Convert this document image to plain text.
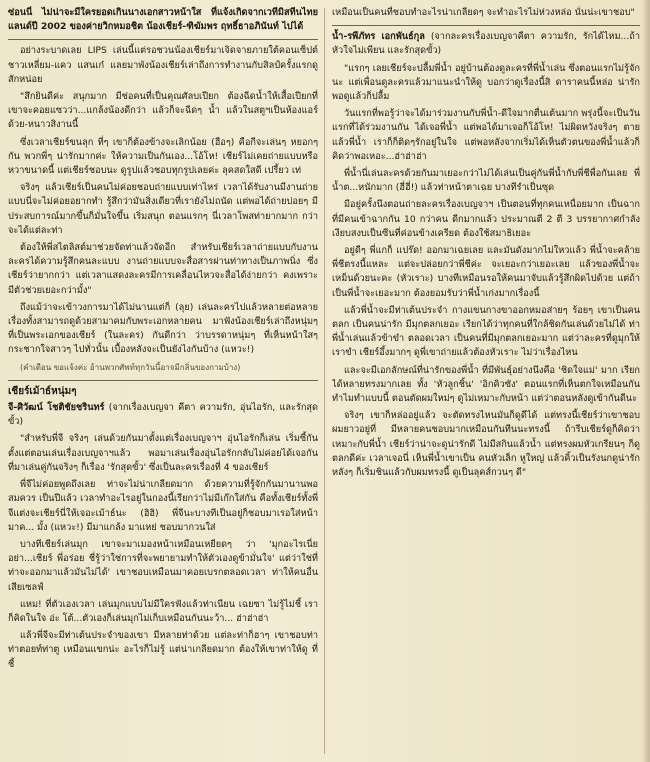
ซ่อนนี่ ไม่น่าจะมีใครยอดเกินนางเอกสาวหน้าใส ที่แจ้งเกิดจากเวทีมิสทีนไทยแลนด์ปี 2002 ของค่ายวิกหมอชิต น้องเชียร์-ฑิฆัมพร ฤทธิ์ธาอภินันท์ ไปได้

อย่างระบาดเลย LIPS เล่นนี้แต่รอชวนน้องเชียร์มาเจิดจายภายใต้คอนเซ็ปต์ชาวเหลี่ยม-แคว แสนเก๋ แลยมาพังน้องเชียร์เล่าถึงการทำงานกับสิลป์ครั้งแรกดูสักหน่อย

"สึกยินดีค่ะ สนุกมาก มีช่อคนที่เป็นคุณศัลบเปียก ต้องฉีดน้ำให้เสื้อเปียกที่ เขาจะคอยแซวว่า...แกล้งน้องดีกว่า แล้วก็จะฉีดๆ น้ำ แล้วในสตูฯเป็นห้องแอร์ด้วย-หนาวสิงานนี้

ซึ่งเวลาเชียร์ขนลุก ที่ๆ เขาก็ต้องข้างจะเลิกน้อย (ฮือๆ) คือกีจะเล่นๆ หยอกๆ กัน พวกพี่ๆ น่ารักมากค่ะ ให้ความเป็นกันเอง...โอ้โห! เชียร์ไม่เคยถ่ายแบบหรือหวาขนาดนี้ แต่เชียร์ชอบนะ ดูรูปแล้วชอบทุกรูปเลยค่ะ ลุคสดใสดี เปรี้ยว เท่

จริงๆ แล้วเชียร์เป็นคนไม่ค่อยชอบถ่ายแบบเท่าไหร่ เวลาได้รับงานมีงานถ่ายแบบนี่จะไม่ค่อยอยากทำ รู้สึกว่ามันสิ่งเดียวที่เรายังไม่ถนัด แต่พอได้ถ่ายบ่อยๆ มีประสบการณ์มากขึ้นก็มั่นใจขึ้น เริ่มสนุก ตอนแรกๆ นี่เวลาโพสท่ายากมาก กว่าจะได้แต่ละท่า

ต้องให้พี่สไตลิสต์มาช่วยจัดท่าแล้วจัดอีก สำหรับเชียร์เวลาถ่ายแบบกับงานละครได้ความรู้สึกคนละแบบ งานถ่ายแบบจะสื่อสารผ่านท่าทางเป็นภาพนิ่ง ซึ่งเชียร์ว่ายากกว่า แต่เวลาแสดงละครมีการเคลื่อนไหวจะสื่อได้ง่ายกว่า คงเพราะมีตัวช่วยเยอะกว่ามั้ง"

ถึงแม้ว่าจะเข้าวงการมาได้ไม่นานแต่ก็ (ลุย) เล่นละครไปแล้วหลายต่อหลายเรื่องทั้งสามารถดูด้วยสามาคมกับพระเอกหลายคน มาฟังน้องเชียร์เล่าถึงหนุ่มๆ ที่เป็นพระเอกของเชียร์ (ในละคร) กันดีกว่า ว่าบรรดาหนุ่มๆ ที่เห็นหน้าใสๆ กระชากใจสาวๆ ไปทั่วนั้น เบื้องหลังจะเป็นยังไงกันบ้าง (แหวะ!)

(คำเตือน ขอแจ้งค่ะ อ้านพวกศัพท์ทุกวันนี้อาจมีกลิ่นของกามบ้าง)
เชียร์เม้าธ์หนุ่มๆ

จี-ศิวัฒน์ โชติชัยชรินทร์ (จากเรื่องเบญจา คีตา ความรัก, อุ่นไอรัก, และรักสุดขั้ว)

"สำหรับพี่จี จริงๆ เล่นด้วยกันมาตั้งแต่เรื่องเบญจาฯ อุ่นไอรักก็เล่น เริ่มซี้กันตั้งแต่ตอนเล่นเรื่องเบญจาฯแล้ว พอมาเล่นเรื่องอุ่นไอรักกลับไม่ค่อยได้เจอกัน ที่มาเล่นคู่กันจริงๆ ก็เรื่อง 'รักสุดขั้ว' ซึ่งเป็นละครเรื่องที่ 4 ของเชียร์

พี่จีไม่ค่อยพูดถึงเลย ท่าจะไม่น่าเกลียดมาก ด้วยความที่รู้จักกันมานานพอสมควร เป็นปีแล้ว เวลาทำอะไรอยู่ในกองนี้เรียกว่าไม่มีเก๊กใส่กัน คือทั้งเชียร์ทั้งพี่จีแต่งจะเชียร์นี่ให้เจอะเม้าธ์นะ (ฮิฮิ) พี่จีนะบางทีเป็นอยู่ก็ชอบมาเรอใส่หน้า มาค... มั้ง (แหวะ!) มีมาแกล้ง มาแหย่ ชอบมากวนใส่

บางทีเชียร์เล่นมุก เขาจะมาเมองหน้าเหมือนเหยียดๆ ว่า 'มุกอะไรเนี่ย อย่า...เชียร์ พี่อร่อย ชี่รู้ว่าใช่การที่จะพยายามทำให้ตัวเองดูข้ามั่นใจ' แต่ว่าใช่ที่ท่าจะออกมาแล้วมันไม่ได้' เขาชอบเหมือนมาคอยเบรกตลอดเวลา ท่าให้คนอื่นเสียเซลฟ์

แหม! ที่ตัวเองเวลา เล่นมุกแบบไม่มีใครฟังแล้วท่าเนียน เฉยซา ไม่รู้ไม่ชี้ เราก็คิดในใจ อ่ะ โต้...ตัวเองก็เล่นมุกไม่เก็บเหมือนกันนะว้า... ฮ่าฮ่าฮ่า

แล้วพี่จีจะมีท่าเต้นประจำของเขา มีหลายท่าด้วย แต่ละท่าก็ฮาๆ เขาชอบท่าท่าตอยท์ท่าตู เหมือนแขกน่ะ อะไรก็ไม่รู้ แต่น่าเกลียดมาก ต้องให้เขาท่าให้ดู ที่ชี้

เหมือนเป็นคนที่ชอบทำอะไรน่าเกลียดๆ จะทำอะไรไม่ห่วงหล่อ นั่นน่ะเขาชอบ"

น้ำ-รพีภัทร เอกพันธ์กุล (จากละครเรื่องเบญจาคีตา ความรัก, รักได้ไหม...ถ้าหัวใจไม่เพียน และรักสุดขั้ว)

"แรกๆ เลยเชียร์จะปลื้มพี่น้ำ อยู่บ้านต้องดูละครที่พี่น้ำเล่น ซึ่งตอนแรกไม่รู้จักนะ แต่เพื่อนดูละครแล้วมาแนะนำให้ดู บอกว่าดูเรื่องนี้สิ ดาราคนนี้หล่อ น่ารัก พอดูแล้วก็ปลื้ม

วันแรกที่พอรู้ว่าจะได้มาร่วมงานกับพี่น้ำ-ดีใจมากตื่นเต้นมาก พรุ่งนี้จะเป็นวันแรกที่ได้ร่วมงานกัน ได้เจอพี่น้ำ แต่พอได้มาเจอก็โอ้โห! ไม่ผิดหวังจริงๆ ตายแล้วพี่น้ำ เราก็ก็ติดๆรักอยู่ในใจ แต่พอหลังจากเริ่มได้เห็นตัวตนของพี่น้ำแล้วก็คิดว่าพอเหอะ...ฮ่าฮ่าฮ่า

พี่น้ำนี่เล่นละครด้วยกันมาเยอะกว่าไม่ได้เล่นเป็นคู่กันพี่น้ำกับพี่ชีพื่อกันเลย พี่น้ำต...หนักมาก (ฮี่ฮี่!) แล้วท่าหน้าตาเฉย บางทีรำเป็นซุด

มีอยู่ครั้งนึงตอนถ่ายละครเรื่องเบญจาฯ เป็นตอนที่ทุกคนเหนื่อยมาก เป็นฉากที่มีคนเข้าฉากกัน 10 กว่าคน ดีกมากแล้ว ประมาณตี 2 ตี 3 บรรยากาศกำลังเงียบสงบเป็นซีนที่ค่อนข้างเครียด ต้องใช้สมาธิเยอะ

อยู่ดีๆ พี่แกก็ แปร๊ด! ออกมาเฉยเลย และมันดังมากไม่ใหวแล้ว พี่น้ำจะคล้ายพี่ชีตรงนี้แหละ แต่จะปล่อยกว่าพี่ชีค่ะ จะเยอะกว่าเยอะเลย แล้วของพี่น้ำจะเหม็นด้วยนะคะ (หัวเราะ) บางทีเหมือนรอให้คนมาจับแล้วรู้สึกผิดไปด้วย แต่ถ้าเป็นพี่น้ำจะเยอะมาก ต้องยอมรับว่าพี่น้ำเก่งมากเรื่องนี้

แล้วพี่น้ำจะมีท่าเต้นประจำ กางแขนกางขาออกหมอส่ายๆ ร้อยๆ เขาเป็นคนตลก เป็นคนน่ารัก มีมุกตลกเยอะ เรียกได้ว่าทุกคนที่ใกล้ชิดกันเล่นด้วยไม่ได้ ท่าพี่น้ำเล่นแล้วข้าขำ ตลอดเวลา เป็นคนที่มีมุกตลกเยอะมาก แต่ว่าละครที่ดูมุกให้เราขำ เชียร์อึ้งมากๆ ดูพี่เขาถ่ายแล้วต้องหัวเราะ ไม่ว่าเรื่องไหน

และจะมีเอกลักษณ์ที่น่ารักของพี่น้ำ ที่มีพันธุ์อย่างนึงคือ 'ชิดใจแม่' มาก เรียกได้หลายทรงมากเลย ทั้ง 'หัวลูกชิ้น' 'อิกคิวซัง' ตอนแรกที่เห็นตกใจเหมือนกัน ทำไมทำแบบนี้ ตอนตัดผมใหม่ๆ ดูไม่เหมาะกับหน้า แต่ว่าตอนหลังดูเข้ากันดีนะ

จริงๆ เขาก็หล่ออยู่แล้ว จะตัดทรงไหนมันก็ดูดีได้ แต่ทรงนี้เชียร์ว่าเขาชอบ ผมยาวอยู่ที่ มีหลายคนชอบมากเหมือนกันทีนนะทรงนี้ ถ้ารีบเชียร์ดูก็คิดว่าเหมาะกับพี่น้ำ เชียร์ว่าน่าจะดูน่ารักดี ไม่มีสกินแล้วน้ำ แต่ทรงผมหัวเกรียนๆ ก็ดูตลกดีค่ะ เวลาเจอนี่ เห็นพี่น้ำเขาเป็น คนหัวเล็ก หูใหญ่ แล้วคิ้วเป็นรังนกดูน่ารัก หลังๆ ก็เริ่มชินแล้วกับผมทรงนี้ ดูเป็นลุคส์กวนๆ ดี"
